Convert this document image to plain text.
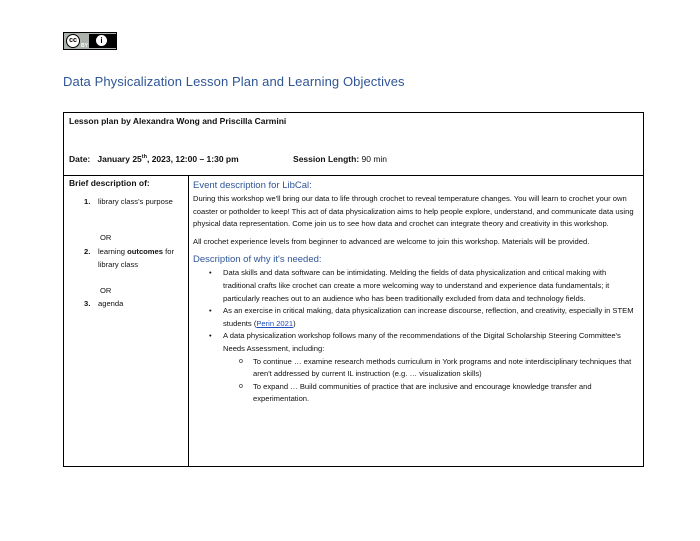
cc	i
BY
Data Physicalization Lesson Plan and Learning Objectives
Lesson plan by Alexandra Wong and Priscilla Carmini
Date: January 25th, 2023, 12:00 – 1:30 pm	Session Length: 90 min
Brief description of:
1. library class's purpose
OR
2. learning outcomes for library class
OR
3. agenda
Event description for LibCal:

During this workshop we'll bring our data to life through crochet to reveal temperature changes. You will learn to crochet your own coaster or potholder to keep! This act of data physicalization aims to help people explore, understand, and communicate data using physical data representation. Come join us to see how data and crochet can integrate theory and creativity in this workshop.

All crochet experience levels from beginner to advanced are welcome to join this workshop. Materials will be provided.

Description of why it's needed:
• Data skills and data software can be intimidating. Melding the fields of data physicalization and critical making with traditional crafts like crochet can create a more welcoming way to understand and experience data fundamentals; it particularly reaches out to an audience who has been traditionally excluded from data and technology fields.
• As an exercise in critical making, data physicalization can increase discourse, reflection, and creativity, especially in STEM students (Perin 2021)
• A data physicalization workshop follows many of the recommendations of the Digital Scholarship Steering Committee's Needs Assessment, including:
o To continue … examine research methods curriculum in York programs and note interdisciplinary techniques that aren't addressed by current IL instruction (e.g. … visualization skills)
o To expand … Build communities of practice that are inclusive and encourage knowledge transfer and experimentation.
